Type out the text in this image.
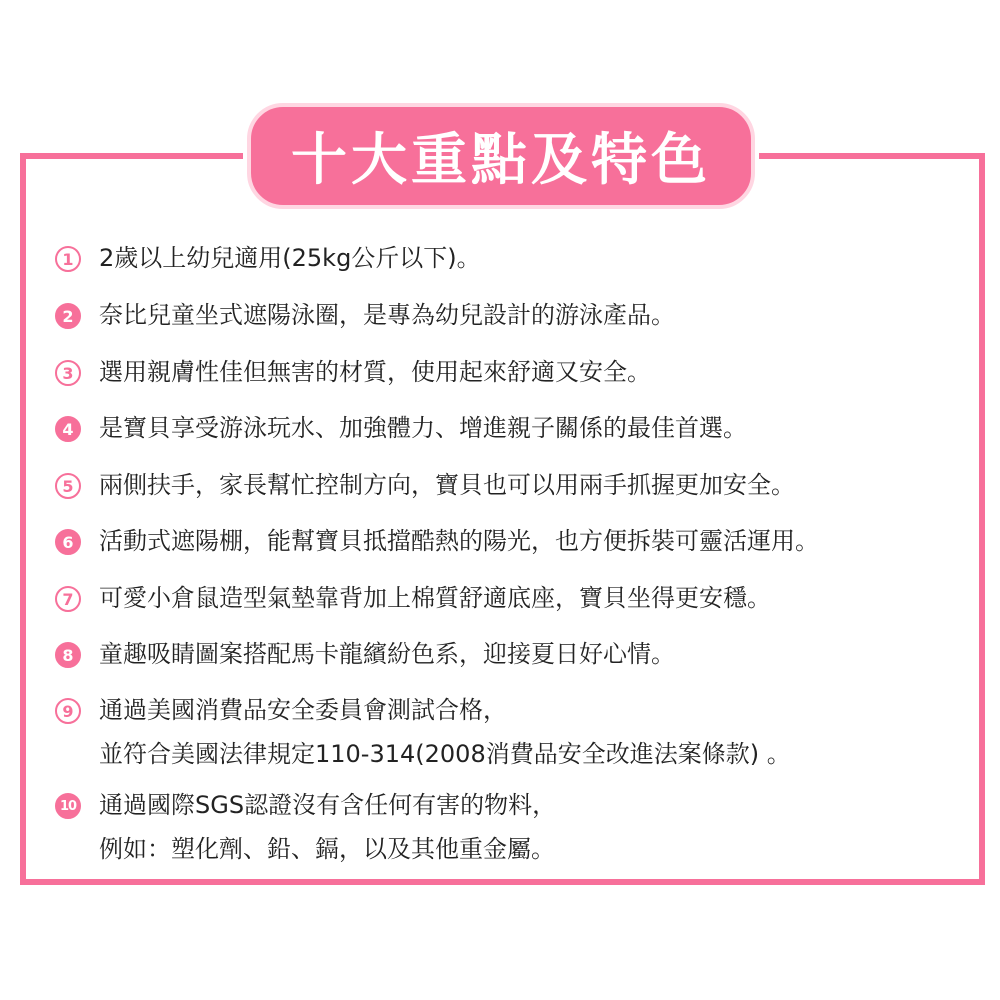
十大重點及特色
1	2歲以上幼兒適用(25kg公斤以下)。
2	奈比兒童坐式遮陽泳圈，是專為幼兒設計的游泳產品。
3	選用親膚性佳但無害的材質，使用起來舒適又安全。
4	是寶貝享受游泳玩水、加強體力、增進親子關係的最佳首選。
5	兩側扶手，家長幫忙控制方向，寶貝也可以用兩手抓握更加安全。
6	活動式遮陽棚，能幫寶貝抵擋酷熱的陽光，也方便拆裝可靈活運用。
7	可愛小倉鼠造型氣墊靠背加上棉質舒適底座，寶貝坐得更安穩。
8	童趣吸睛圖案搭配馬卡龍繽紛色系，迎接夏日好心情。
9	通過美國消費品安全委員會測試合格，
並符合美國法律規定110-314(2008消費品安全改進法案條款) 。
10 通過國際SGS認證沒有含任何有害的物料，
例如：塑化劑、鉛、鎘，以及其他重金屬。
